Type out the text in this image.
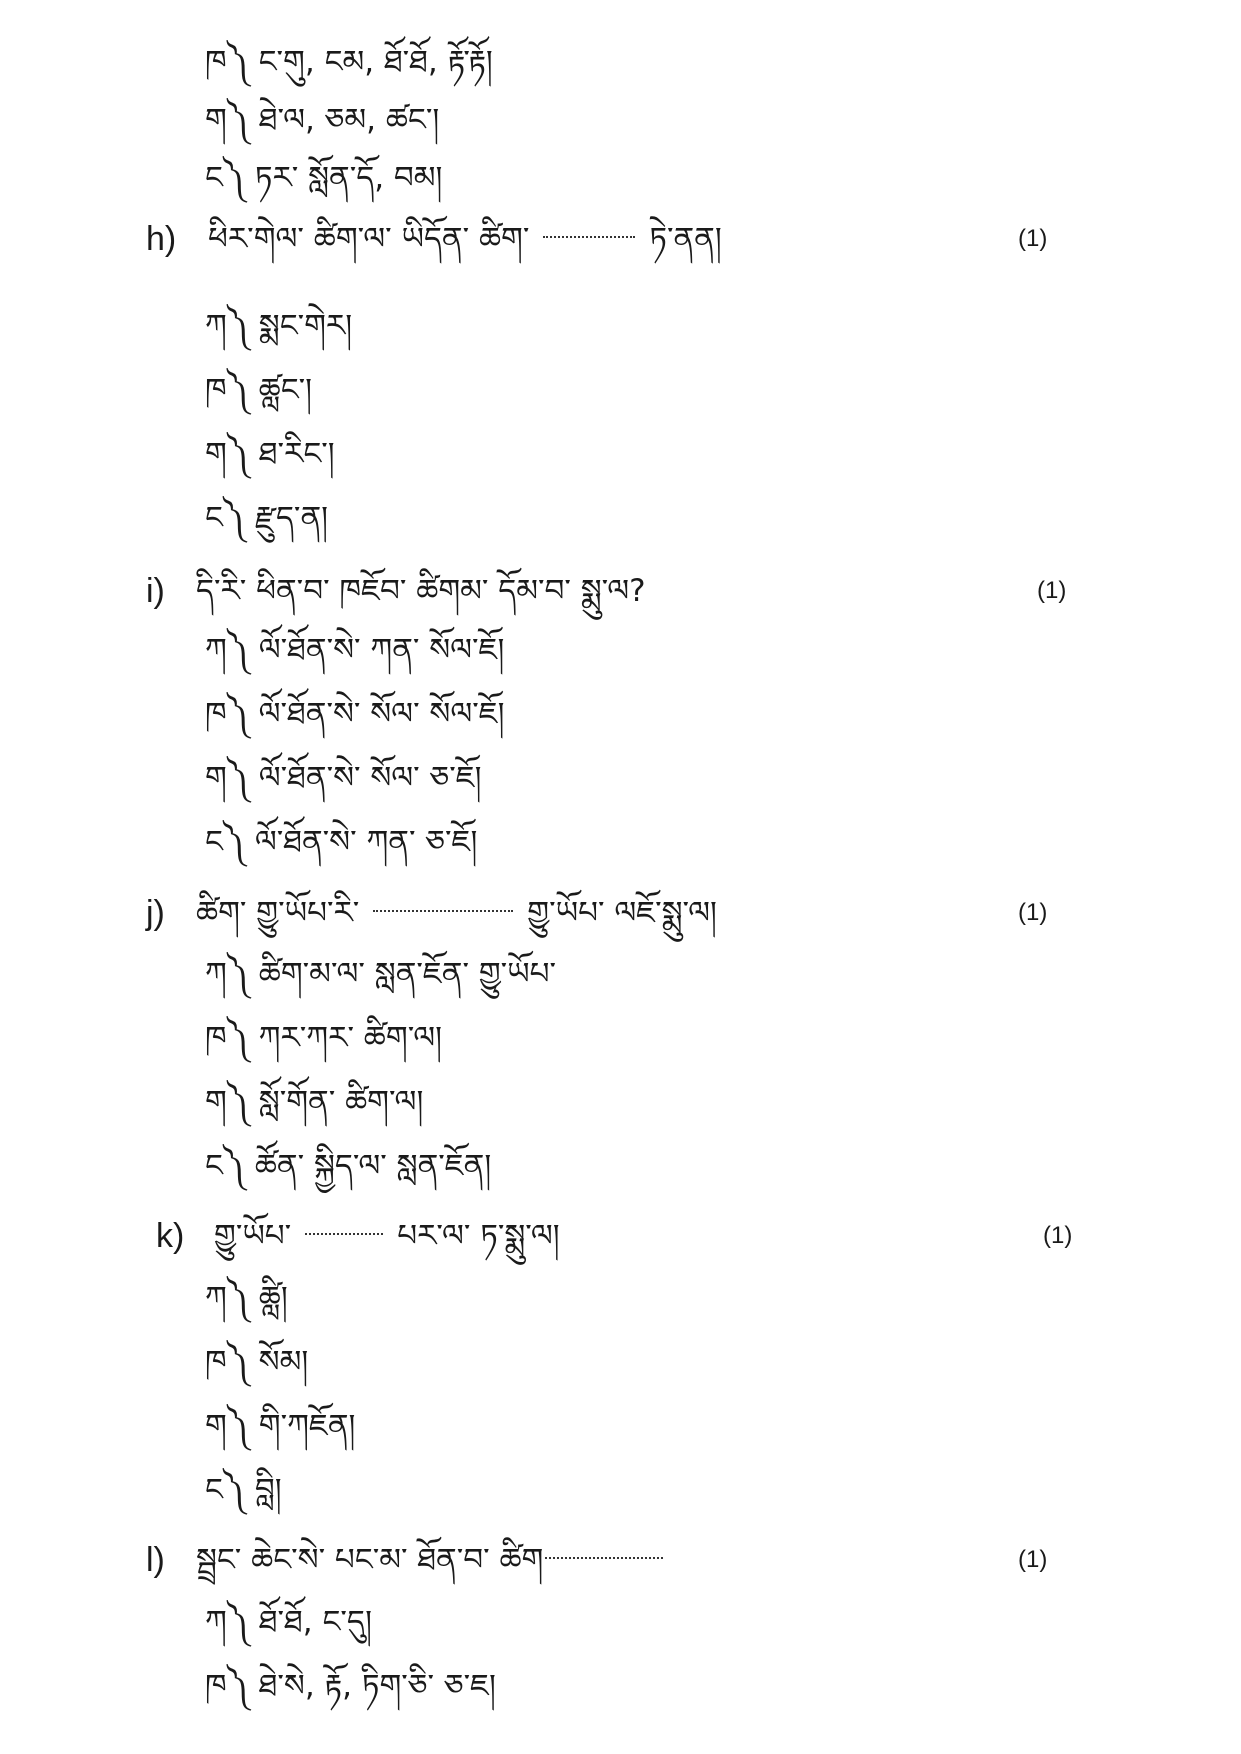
ཁ༽ ང་གུ, ངམ, ཐོ་ཐོ, རྟོ་རྟོ།
ག༽ ཐེ་ལ, ཅམ, ཚང་།
ང༽ ཏར་ སློན་དོ, བམ།
h) ཕིར་གེལ་ ཚིག་ལ་ ཡིདོན་ ཚིག་	ཏེ་ནན།	(1)
ཀ༽ སྨང་གེར།
ཁ༽ ཚླང་།
ག༽ ཐ་རིང་།
ང༽ རྫུད་ན།
i) དི་རི་ ཕིན་བ་ ཁཇོབ་ ཚིགམ་ དོམ་བ་ སྨུ་ལ?	(1)
ཀ༽ ལོ་ཐོན་སེ་ ཀན་ སོལ་ཇོ།
ཁ༽ ལོ་ཐོན་སེ་ སོལ་ སོལ་ཇོ།
ག༽ ལོ་ཐོན་སེ་ སོལ་ ཅ་ཇོ།
ང༽ ལོ་ཐོན་སེ་ ཀན་ ཅ་ཇོ།
j) ཚིག་ གྱུ་ཡོཔ་རི་	གྱུ་ཡོཔ་ ལཇོ་སྨུ་ལ།	(1)
ཀ༽ ཚིག་མ་ལ་ སླན་ཇོན་ གྱུ་ཡོཔ་
ཁ༽ ཀར་ཀར་ ཚིག་ལ།
ག༽ སློ་གོན་ ཚིག་ལ།
ང༽ ཚོན་ སྐྱིད་ལ་ སླན་ཇོན།
k) གྱུ་ཡོཔ་	པར་ལ་ ཏ་སྨུ་ལ།	(1)
ཀ༽ ཚླི།
ཁ༽ སོམ།
ག༽ གི་ཀཇོན།
ང༽ བླི།
l) སྦྲང་ ཆེང་སེ་ པང་མ་ ཐོན་བ་ ཚིག	(1)
ཀ༽ ཐོ་ཐོ, ང་དུ།
ཁ༽ ཐེ་སེ, རྟོ, ཏིག་ཅི་ ཅ་ཇ།
